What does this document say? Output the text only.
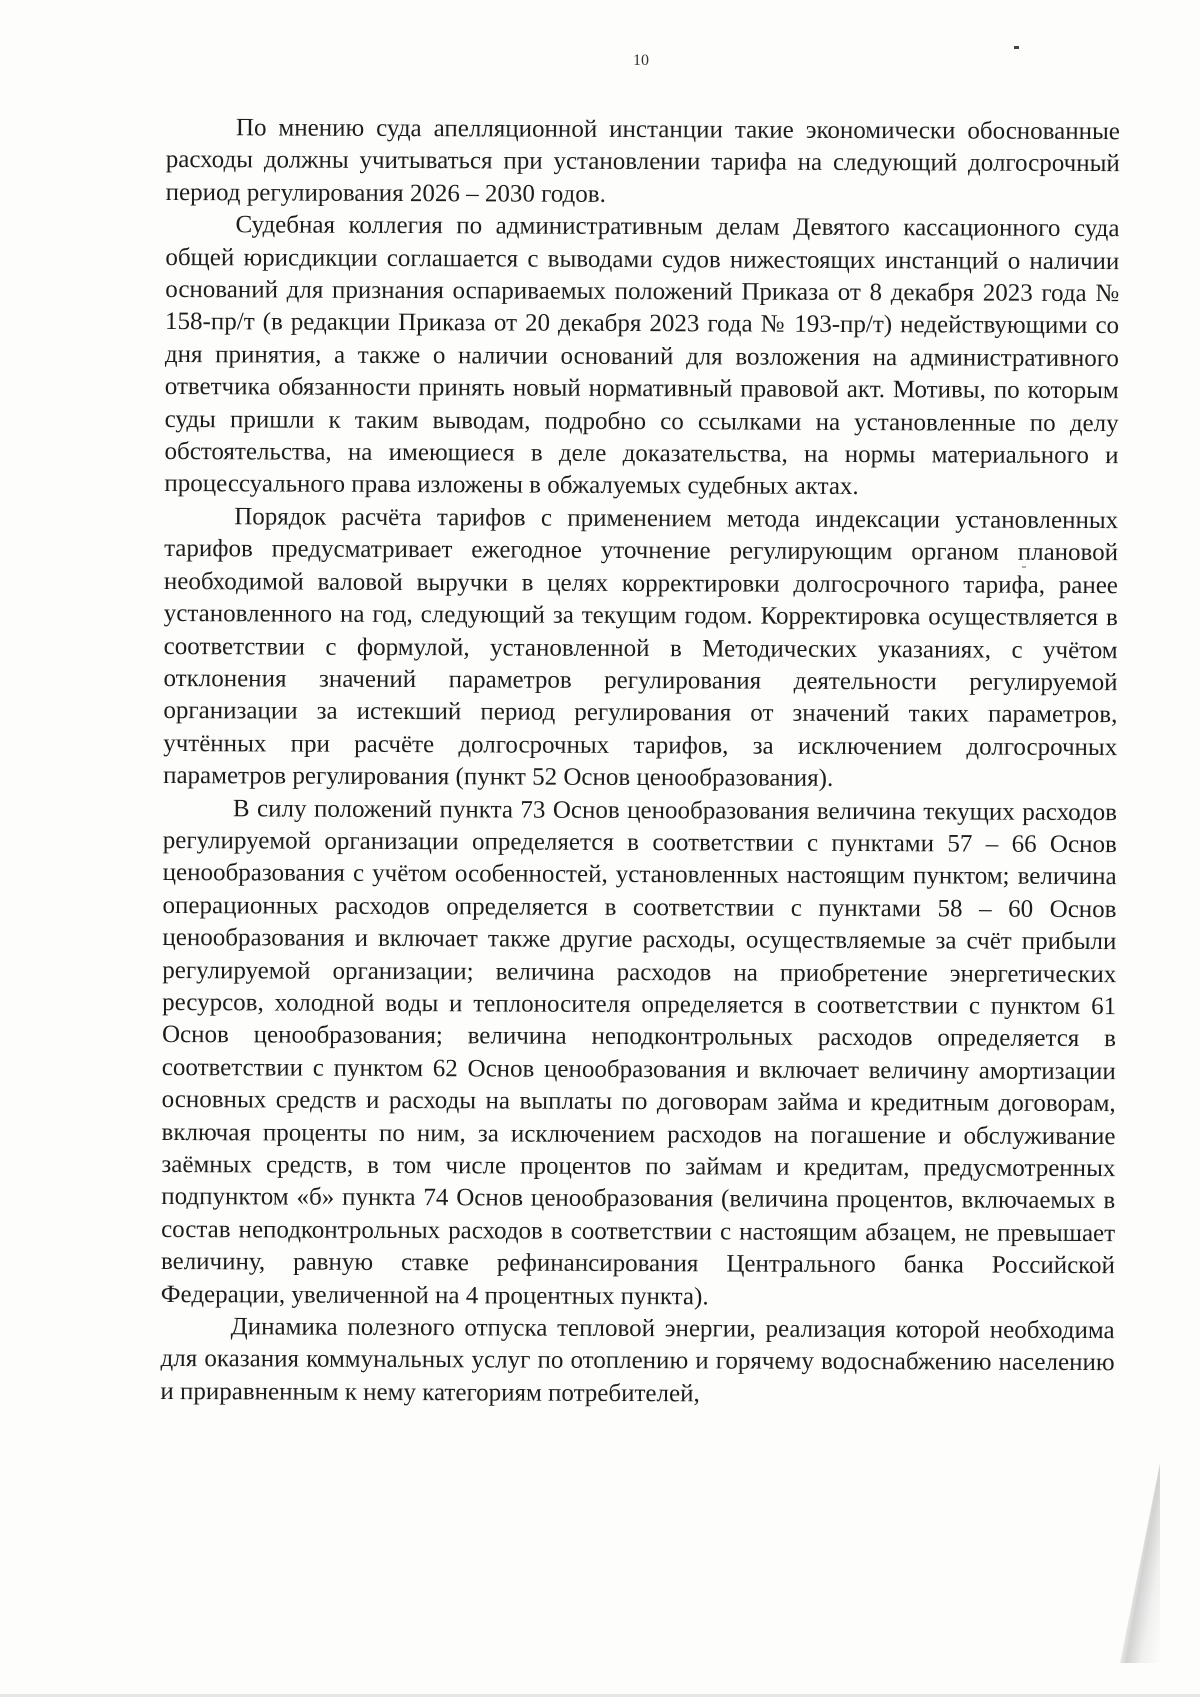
10

По мнению суда апелляционной инстанции такие экономически обоснованные расходы должны учитываться при установлении тарифа на следующий долгосрочный период регулирования 2026 – 2030 годов.

Судебная коллегия по административным делам Девятого кассационного суда общей юрисдикции соглашается с выводами судов нижестоящих инстанций о наличии оснований для признания оспариваемых положений Приказа от 8 декабря 2023 года № 158-пр/т (в редакции Приказа от 20 декабря 2023 года № 193-пр/т) недействующими со дня принятия, а также о наличии оснований для возложения на административного ответчика обязанности принять новый нормативный правовой акт. Мотивы, по которым суды пришли к таким выводам, подробно со ссылками на установленные по делу обстоятельства, на имеющиеся в деле доказательства, на нормы материального и процессуального права изложены в обжалуемых судебных актах.

Порядок расчёта тарифов с применением метода индексации установленных тарифов предусматривает ежегодное уточнение регулирующим органом плановой необходимой валовой выручки в целях корректировки долгосрочного тарифа, ранее установленного на год, следующий за текущим годом. Корректировка осуществляется в соответствии с формулой, установленной в Методических указаниях, с учётом отклонения значений параметров регулирования деятельности регулируемой организации за истекший период регулирования от значений таких параметров, учтённых при расчёте долгосрочных тарифов, за исключением долгосрочных параметров регулирования (пункт 52 Основ ценообразования).

В силу положений пункта 73 Основ ценообразования величина текущих расходов регулируемой организации определяется в соответствии с пунктами 57 – 66 Основ ценообразования с учётом особенностей, установленных настоящим пунктом; величина операционных расходов определяется в соответствии с пунктами 58 – 60 Основ ценообразования и включает также другие расходы, осуществляемые за счёт прибыли регулируемой организации; величина расходов на приобретение энергетических ресурсов, холодной воды и теплоносителя определяется в соответствии с пунктом 61 Основ ценообразования; величина неподконтрольных расходов определяется в соответствии с пунктом 62 Основ ценообразования и включает величину амортизации основных средств и расходы на выплаты по договорам займа и кредитным договорам, включая проценты по ним, за исключением расходов на погашение и обслуживание заёмных средств, в том числе процентов по займам и кредитам, предусмотренных подпунктом «б» пункта 74 Основ ценообразования (величина процентов, включаемых в состав неподконтрольных расходов в соответствии с настоящим абзацем, не превышает величину, равную ставке рефинансирования Центрального банка Российской Федерации, увеличенной на 4 процентных пункта).

Динамика полезного отпуска тепловой энергии, реализация которой необходима для оказания коммунальных услуг по отоплению и горячему водоснабжению населению и приравненным к нему категориям потребителей,
